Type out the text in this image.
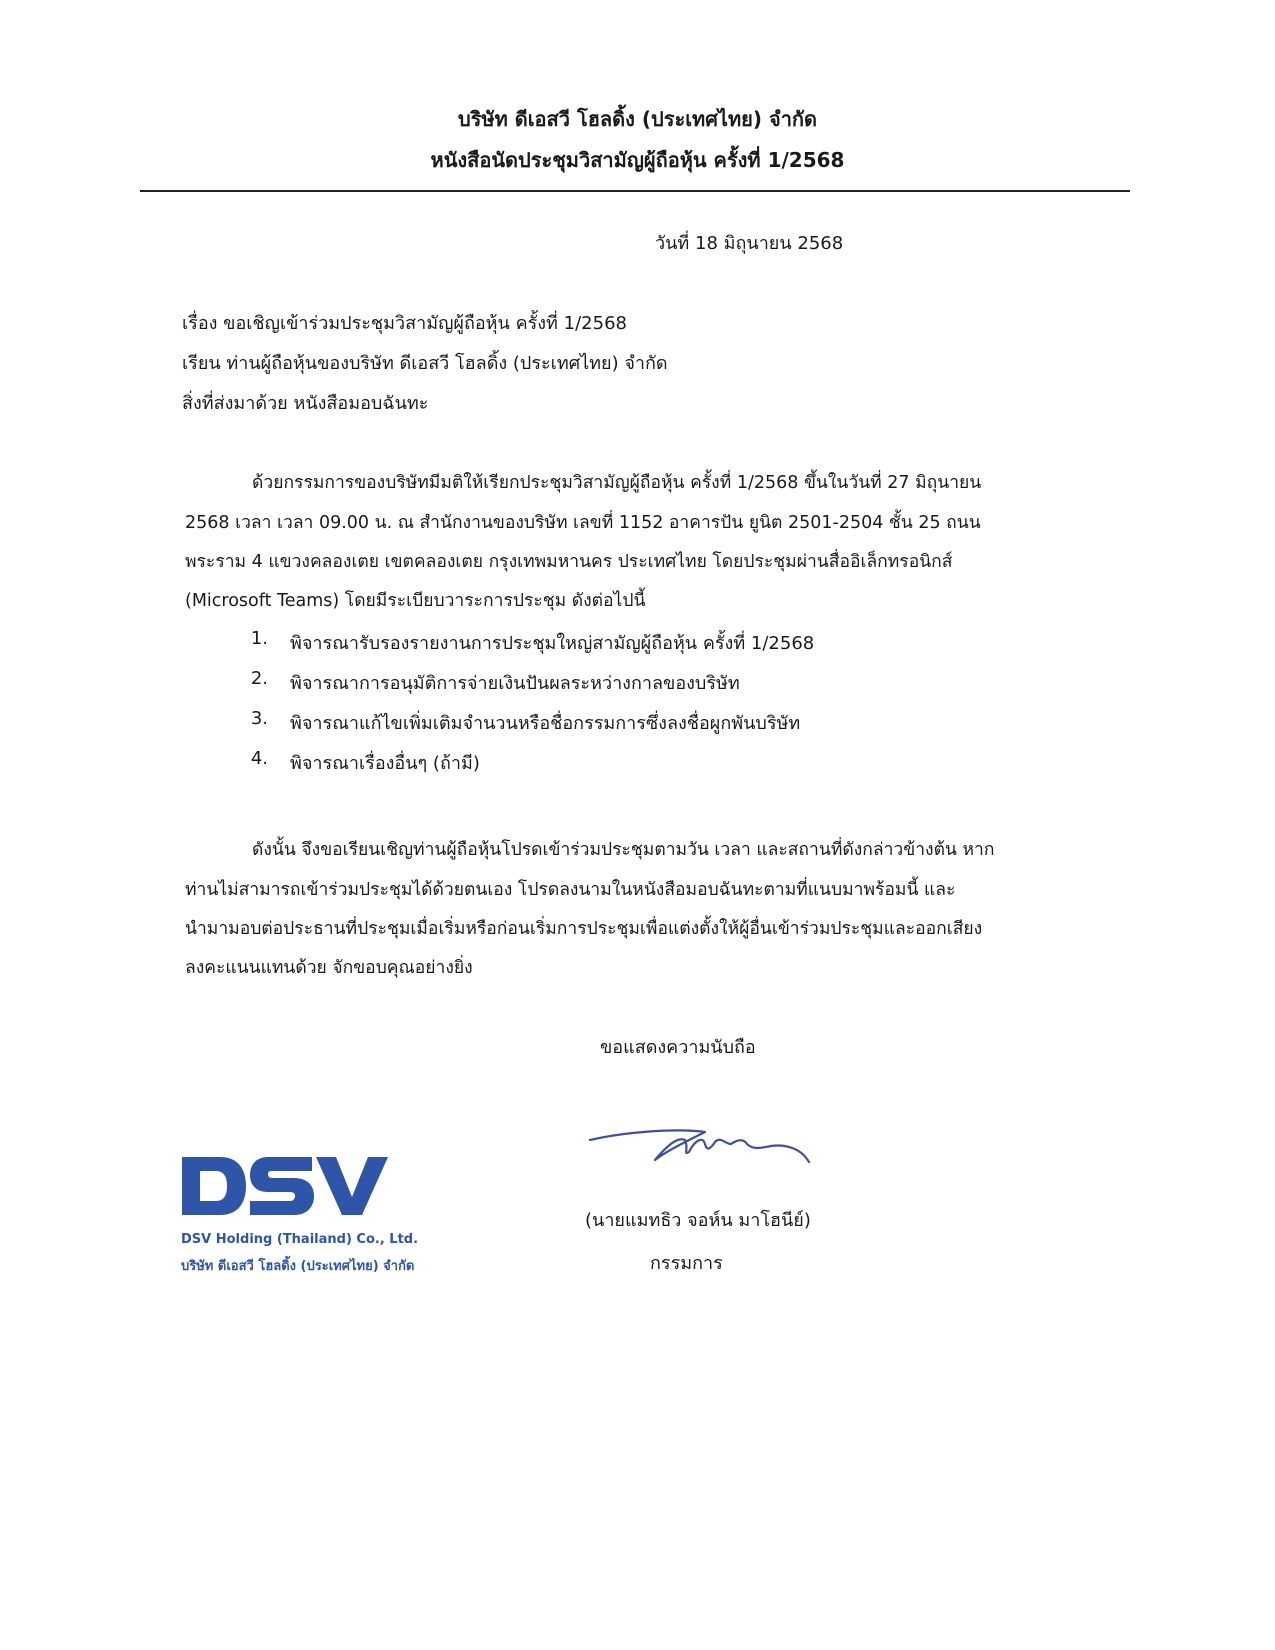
บริษัท ดีเอสวี โฮลดิ้ง (ประเทศไทย) จำกัด
หนังสือนัดประชุมวิสามัญผู้ถือหุ้น ครั้งที่ 1/2568
วันที่ 18 มิถุนายน 2568
เรื่อง ขอเชิญเข้าร่วมประชุมวิสามัญผู้ถือหุ้น ครั้งที่ 1/2568
เรียน ท่านผู้ถือหุ้นของบริษัท ดีเอสวี โฮลดิ้ง (ประเทศไทย) จำกัด
สิ่งที่ส่งมาด้วย หนังสือมอบฉันทะ
ด้วยกรรมการของบริษัทมีมติให้เรียกประชุมวิสามัญผู้ถือหุ้น ครั้งที่ 1/2568 ขึ้นในวันที่ 27 มิถุนายน
2568 เวลา เวลา 09.00 น. ณ สำนักงานของบริษัท เลขที่ 1152 อาคารปัน ยูนิต 2501-2504 ชั้น 25 ถนน
พระราม 4 แขวงคลองเตย เขตคลองเตย กรุงเทพมหานคร ประเทศไทย โดยประชุมผ่านสื่ออิเล็กทรอนิกส์
(Microsoft Teams) โดยมีระเบียบวาระการประชุม ดังต่อไปนี้
1. พิจารณารับรองรายงานการประชุมใหญ่สามัญผู้ถือหุ้น ครั้งที่ 1/2568
2. พิจารณาการอนุมัติการจ่ายเงินปันผลระหว่างกาลของบริษัท
3. พิจารณาแก้ไขเพิ่มเติมจำนวนหรือชื่อกรรมการซึ่งลงชื่อผูกพันบริษัท
4. พิจารณาเรื่องอื่นๆ (ถ้ามี)
ดังนั้น จึงขอเรียนเชิญท่านผู้ถือหุ้นโปรดเข้าร่วมประชุมตามวัน เวลา และสถานที่ดังกล่าวข้างต้น หาก
ท่านไม่สามารถเข้าร่วมประชุมได้ด้วยตนเอง โปรดลงนามในหนังสือมอบฉันทะตามที่แนบมาพร้อมนี้ และ
นำมามอบต่อประธานที่ประชุมเมื่อเริ่มหรือก่อนเริ่มการประชุมเพื่อแต่งตั้งให้ผู้อื่นเข้าร่วมประชุมและออกเสียง
ลงคะแนนแทนด้วย จักขอบคุณอย่างยิ่ง
ขอแสดงความนับถือ
(นายแมทธิว จอห์น มาโฮนีย์)
กรรมการ
DSV Holding (Thailand) Co., Ltd.
บริษัท ดีเอสวี โฮลดิ้ง (ประเทศไทย) จำกัด
